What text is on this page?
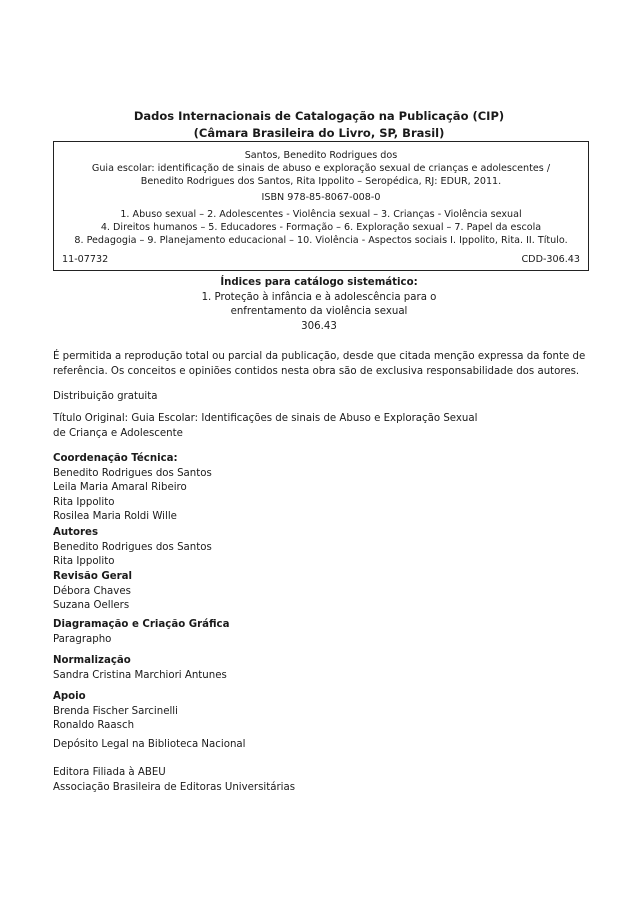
Dados Internacionais de Catalogação na Publicação (CIP)
(Câmara Brasileira do Livro, SP, Brasil)
Santos, Benedito Rodrigues dos
Guia escolar: identificação de sinais de abuso e exploração sexual de crianças e adolescentes /
Benedito Rodrigues dos Santos, Rita Ippolito – Seropédica, RJ: EDUR, 2011.
ISBN 978-85-8067-008-0
1. Abuso sexual – 2. Adolescentes - Violência sexual – 3. Crianças - Violência sexual
4. Direitos humanos – 5. Educadores - Formação – 6. Exploração sexual – 7. Papel da escola
8. Pedagogia – 9. Planejamento educacional – 10. Violência - Aspectos sociais I. Ippolito, Rita. II. Título.
11-07732	CDD-306.43
Índices para catálogo sistemático:
1. Proteção à infância e à adolescência para o
enfrentamento da violência sexual
306.43

É permitida a reprodução total ou parcial da publicação, desde que citada menção expressa da fonte de

referência. Os conceitos e opiniões contidos nesta obra são de exclusiva responsabilidade dos autores.

Distribuição gratuita

Título Original: Guia Escolar: Identificações de sinais de Abuso e Exploração Sexual

de Criança e Adolescente

Coordenação Técnica:

Benedito Rodrigues dos Santos

Leila Maria Amaral Ribeiro

Rita Ippolito

Rosilea Maria Roldi Wille

Autores

Benedito Rodrigues dos Santos

Rita Ippolito

Revisão Geral

Débora Chaves

Suzana Oellers

Diagramação e Criação Gráfica

Paragrapho

Normalização

Sandra Cristina Marchiori Antunes

Apoio

Brenda Fischer Sarcinelli

Ronaldo Raasch

Depósito Legal na Biblioteca Nacional

Editora Filiada à ABEU

Associação Brasileira de Editoras Universitárias
